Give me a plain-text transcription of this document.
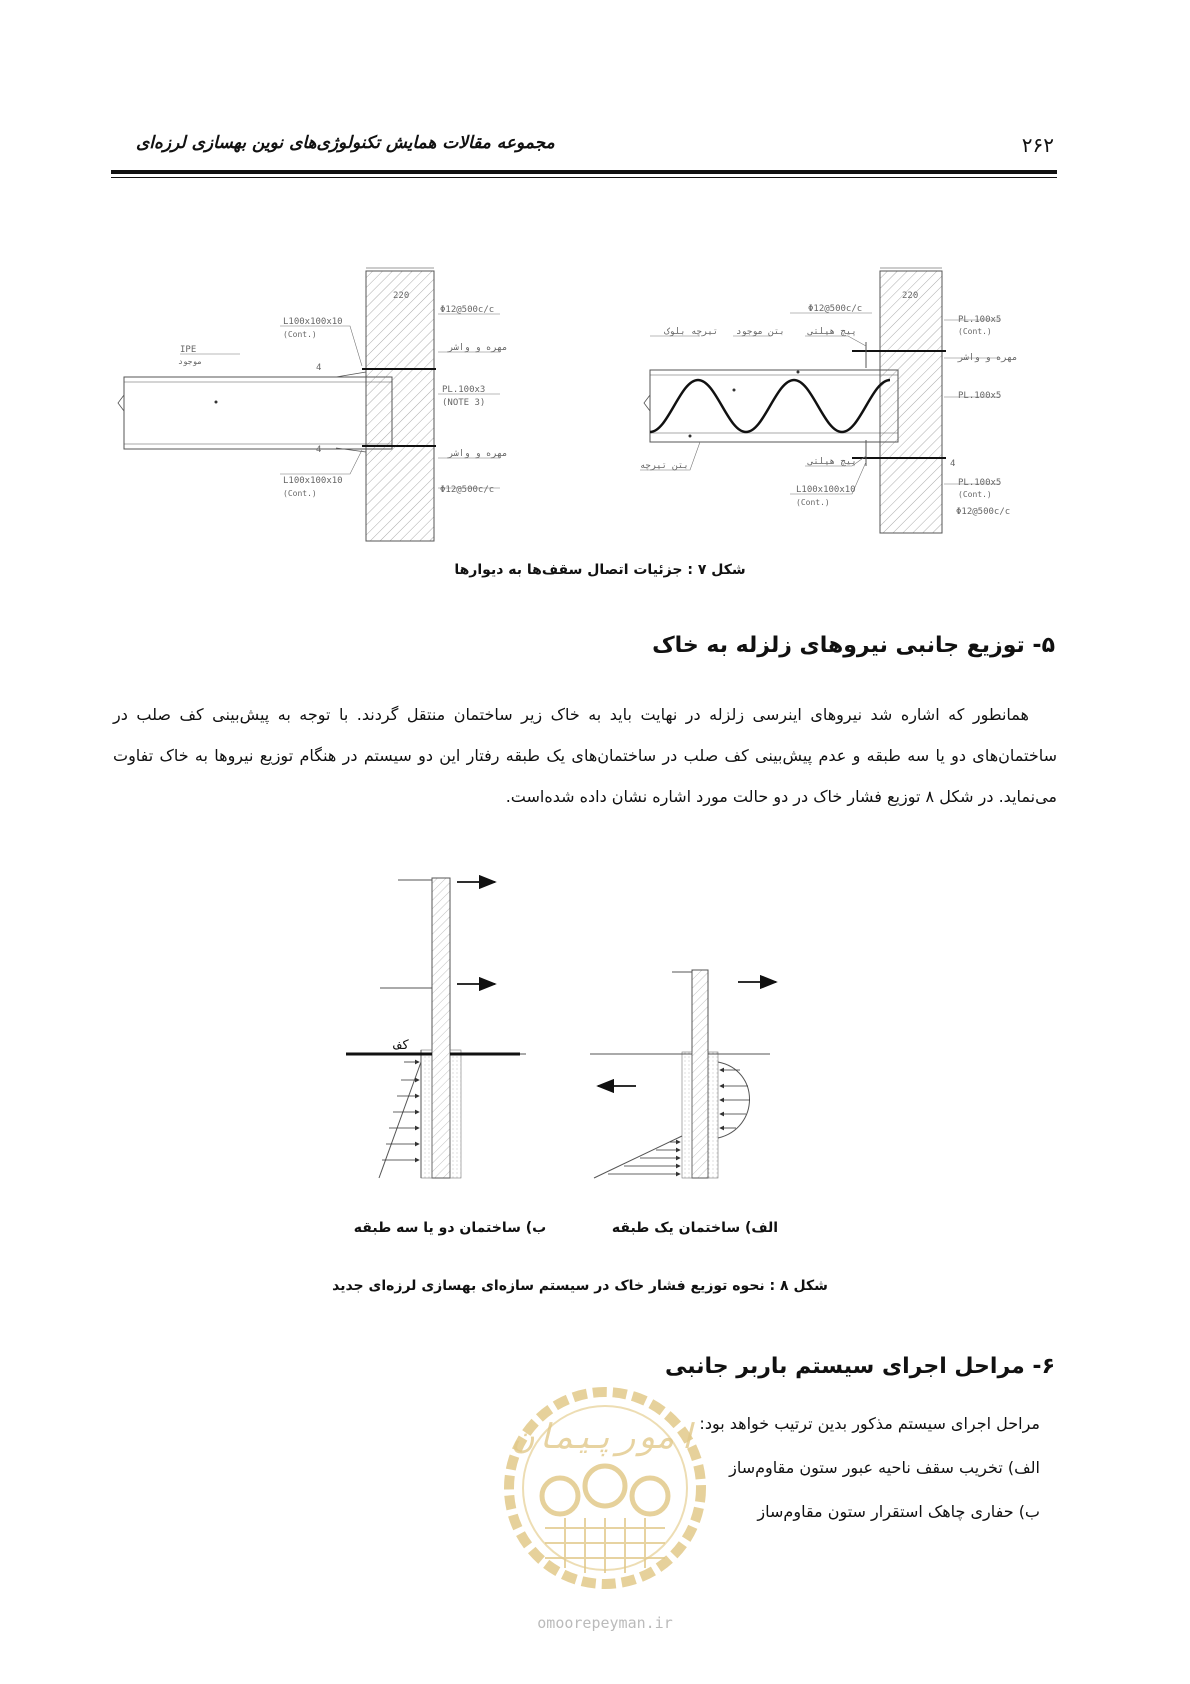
۲۶۲
مجموعه مقالات همایش تکنولوژی‌های نوین بهسازی لرزه‌ای
220
Φ12@500c/c
L100x100x10
(Cont.)
IPE
موجود
مهره و واشر
4
PL.100x3
(NOTE 3)
4	مهره و واشر
L100x100x10
(Cont.)	Φ12@500c/c
220
Φ12@500c/c
PL.100x5
(Cont.)
تیرچه بلوک بتن موجود	پیچ هیلتی
مهره و واشر
PL.100x5
4
بتن تیرچه	پیچ هیلتی
PL.100x5
(Cont.)
L100x100x10
(Cont.)
Φ12@500c/c
شکل ۷ : جزئیات اتصال سقف‌ها به دیوارها
۵- توزیع جانبی نیروهای زلزله به خاک
همانطور که اشاره شد نیروهای اینرسی زلزله در نهایت باید به خاک زیر ساختمان منتقل گردند. با توجه به پیش‌بینی کف صلب در ساختمان‌های دو یا سه طبقه و عدم پیش‌بینی کف صلب در ساختمان‌های یک طبقه رفتار این دو سیستم در هنگام توزیع نیروها به خاک تفاوت می‌نماید. در شکل ۸ توزیع فشار خاک در دو حالت مورد اشاره نشان داده شده‌است.
کف
ب) ساختمان دو یا سه طبقه	الف) ساختمان یک طبقه
شکل ۸ : نحوه توزیع فشار خاک در سیستم سازه‌ای بهسازی لرزه‌ای جدید
امورپیمان
omoorepeyman.ir
۶- مراحل اجرای سیستم باربر جانبی
مراحل اجرای سیستم مذکور بدین ترتیب خواهد بود:
الف) تخریب سقف ناحیه عبور ستون مقاوم‌ساز
ب) حفاری چاهک استقرار ستون مقاوم‌ساز
